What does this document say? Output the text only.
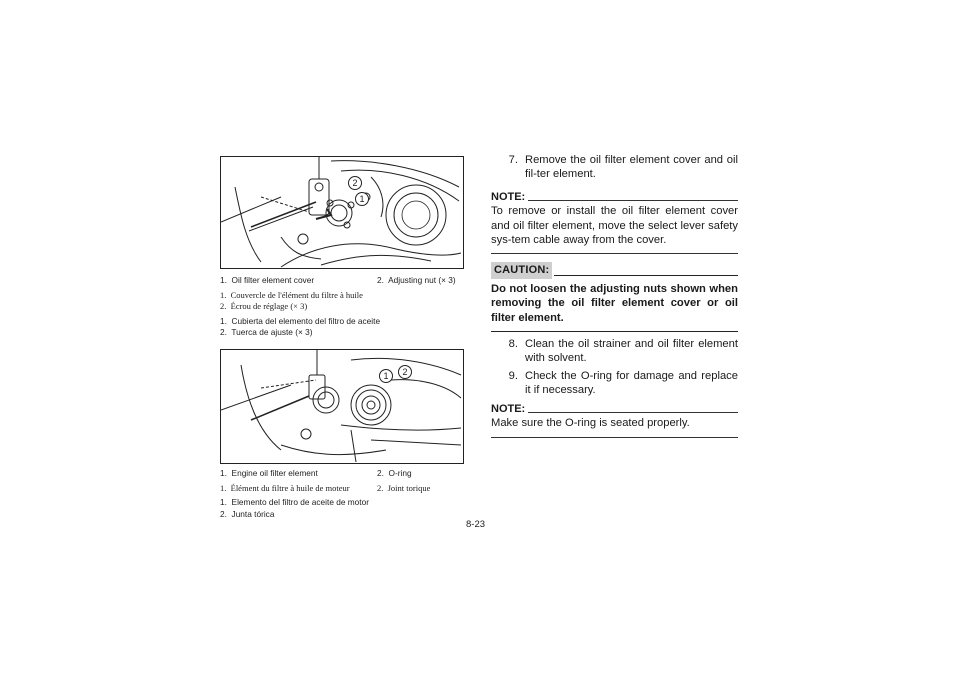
2
1
1. Oil filter element cover	2. Adjusting nut (× 3)
1. Couvercle de l'élément du filtre à huile
2. Écrou de réglage (× 3)
1. Cubierta del elemento del filtro de aceite
2. Tuerca de ajuste (× 3)
1 2
1. Engine oil filter element	2. O-ring
1. Élément du filtre à huile de moteur	2. Joint torique
1. Elemento del filtro de aceite de motor
2. Junta tórica
7. Remove the oil filter element cover and oil fil-ter element.
NOTE:
To remove or install the oil filter element cover and oil filter element, move the select lever safety sys-tem cable away from the cover.
CAUTION:
Do not loosen the adjusting nuts shown when removing the oil filter element cover or oil filter element.
8. Clean the oil strainer and oil filter element with solvent.
9. Check the O-ring for damage and replace it if necessary.
NOTE:
Make sure the O-ring is seated properly.
8-23
